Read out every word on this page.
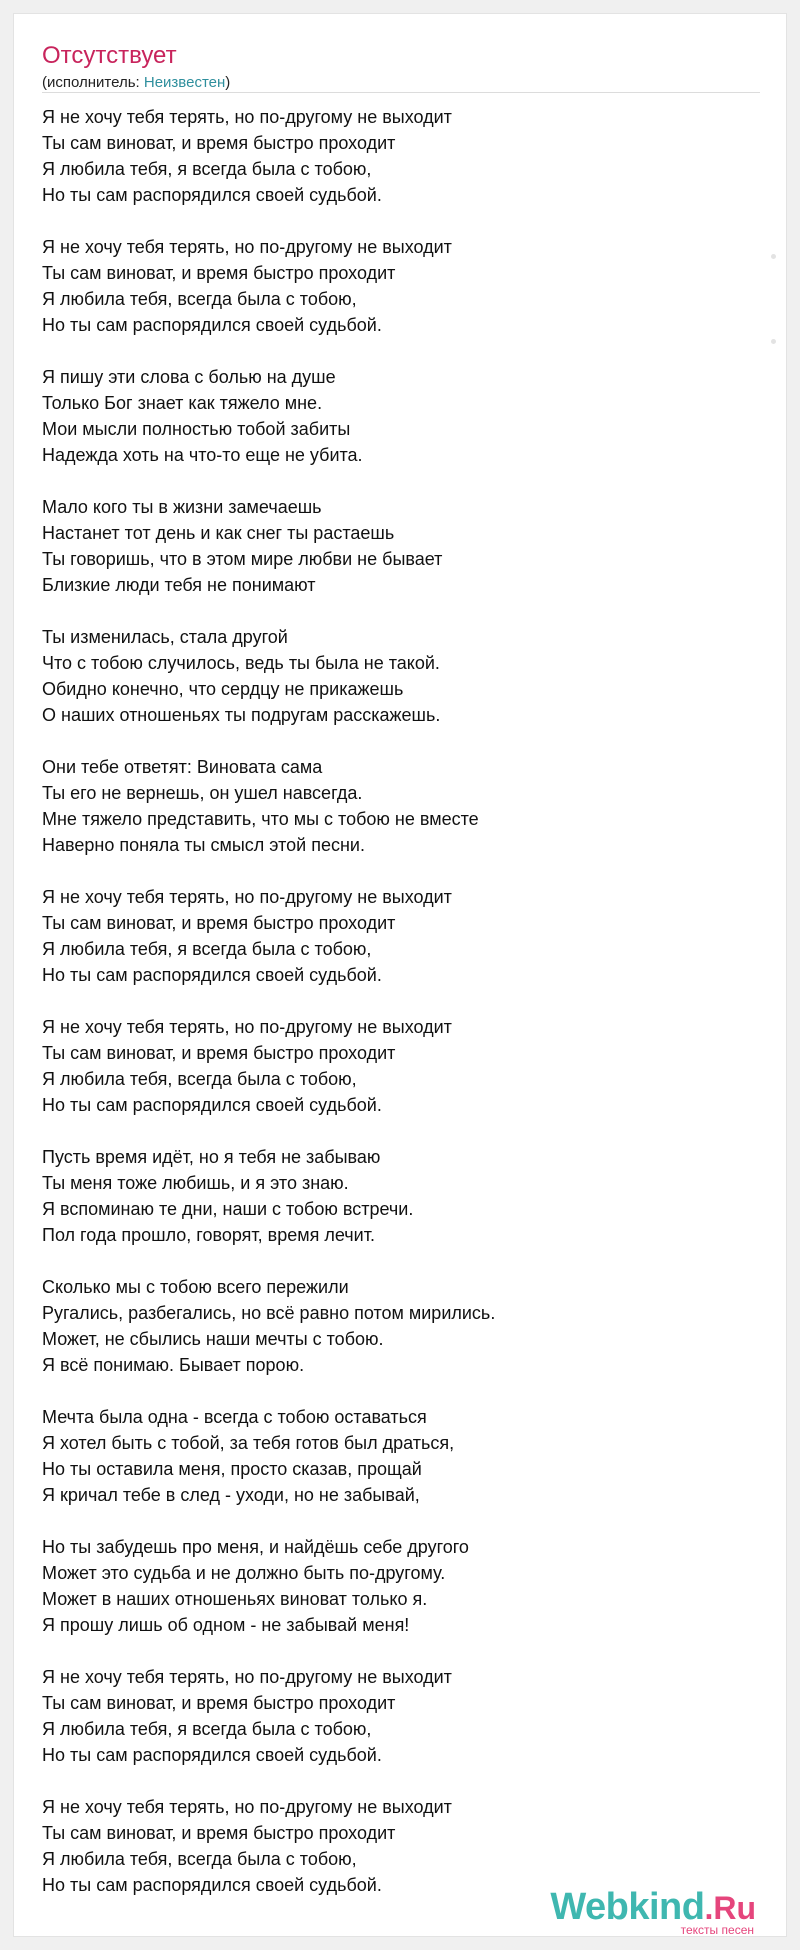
Отсутствует
(исполнитель: Неизвестен)
Я не хочу тебя терять, но по-другому не выходит
Ты сам виноват, и время быстро проходит
Я любила тебя, я всегда была с тобою,
Но ты сам распорядился своей судьбой.
Я не хочу тебя терять, но по-другому не выходит
Ты сам виноват, и время быстро проходит
Я любила тебя, всегда была с тобою,
Но ты сам распорядился своей судьбой.
Я пишу эти слова с болью на душе
Только Бог знает как тяжело мне.
Мои мысли полностью тобой забиты
Надежда хоть на что-то еще не убита.
Мало кого ты в жизни замечаешь
Настанет тот день и как снег ты растаешь
Ты говоришь, что в этом мире любви не бывает
Близкие люди тебя не понимают
Ты изменилась, стала другой
Что с тобою случилось, ведь ты была не такой.
Обидно конечно, что сердцу не прикажешь
О наших отношеньях ты подругам расскажешь.
Они тебе ответят: Виновата сама
Ты его не вернешь, он ушел навсегда.
Мне тяжело представить, что мы с тобою не вместе
Наверно поняла ты смысл этой песни.
Я не хочу тебя терять, но по-другому не выходит
Ты сам виноват, и время быстро проходит
Я любила тебя, я всегда была с тобою,
Но ты сам распорядился своей судьбой.
Я не хочу тебя терять, но по-другому не выходит
Ты сам виноват, и время быстро проходит
Я любила тебя, всегда была с тобою,
Но ты сам распорядился своей судьбой.
Пусть время идёт, но я тебя не забываю
Ты меня тоже любишь, и я это знаю.
Я вспоминаю те дни, наши с тобою встречи.
Пол года прошло, говорят, время лечит.
Сколько мы с тобою всего пережили
Ругались, разбегались, но всё равно потом мирились.
Может, не сбылись наши мечты с тобою.
Я всё понимаю. Бывает порою.
Мечта была одна - всегда с тобою оставаться
Я хотел быть с тобой, за тебя готов был драться,
Но ты оставила меня, просто сказав, прощай
Я кричал тебе в след - уходи, но не забывай,
Но ты забудешь про меня, и найдёшь себе другого
Может это судьба и не должно быть по-другому.
Может в наших отношеньях виноват только я.
Я прошу лишь об одном - не забывай меня!
Я не хочу тебя терять, но по-другому не выходит
Ты сам виноват, и время быстро проходит
Я любила тебя, я всегда была с тобою,
Но ты сам распорядился своей судьбой.
Я не хочу тебя терять, но по-другому не выходит
Ты сам виноват, и время быстро проходит
Я любила тебя, всегда была с тобою,
Но ты сам распорядился своей судьбой.
Webkind.Ru
тексты песен
